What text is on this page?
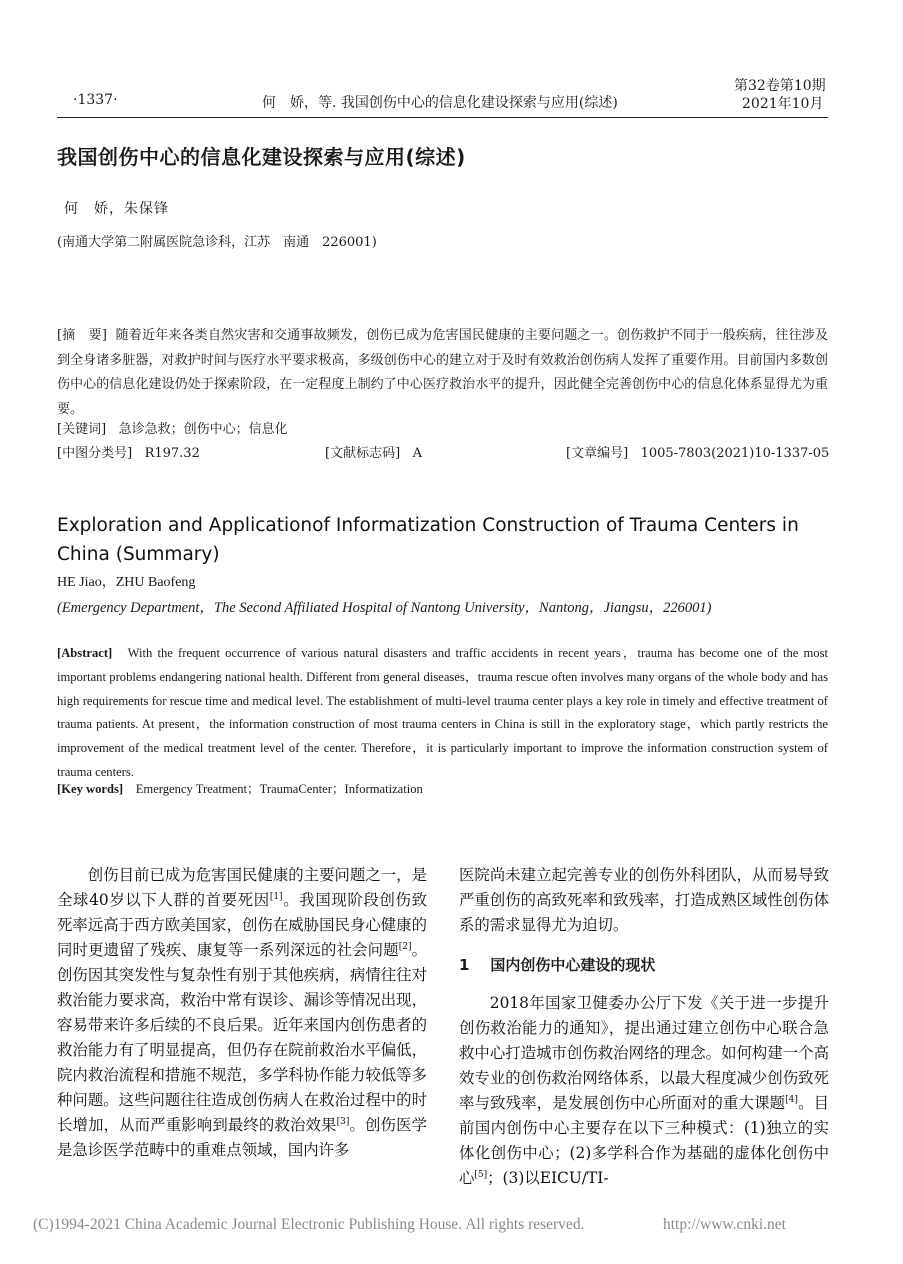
·1337·	何　娇，等. 我国创伤中心的信息化建设探索与应用(综述)
第32卷第10期
2021年10月
我国创伤中心的信息化建设探索与应用(综述)
何　娇，朱保锋
(南通大学第二附属医院急诊科，江苏　南通　226001)
[摘　要] 随着近年来各类自然灾害和交通事故频发，创伤已成为危害国民健康的主要问题之一。创伤救护不同于一般疾病，往往涉及到全身诸多脏器，对救护时间与医疗水平要求极高，多级创伤中心的建立对于及时有效救治创伤病人发挥了重要作用。目前国内多数创伤中心的信息化建设仍处于探索阶段，在一定程度上制约了中心医疗救治水平的提升，因此健全完善创伤中心的信息化体系显得尤为重要。
[关键词] 急诊急救；创伤中心；信息化
[中图分类号] R197.32	[文献标志码] A	[文章编号] 1005-7803(2021)10-1337-05
Exploration and Applicationof Informatization Construction of Trauma Centers in China (Summary)
HE Jiao，ZHU Baofeng
(Emergency Department，The Second Affiliated Hospital of Nantong University，Nantong，Jiangsu，226001)
[Abstract] With the frequent occurrence of various natural disasters and traffic accidents in recent years，trauma has become one of the most important problems endangering national health. Different from general diseases，trauma rescue often involves many organs of the whole body and has high requirements for rescue time and medical level. The establishment of multi-level trauma center plays a key role in timely and effective treatment of trauma patients. At present，the information construction of most trauma centers in China is still in the exploratory stage，which partly restricts the improvement of the medical treatment level of the center. Therefore，it is particularly important to improve the information construction system of trauma centers.
[Key words] Emergency Treatment；TraumaCenter；Informatization

创伤目前已成为危害国民健康的主要问题之一，是全球40岁以下人群的首要死因[1]。我国现阶段创伤致死率远高于西方欧美国家，创伤在威胁国民身心健康的同时更遗留了残疾、康复等一系列深远的社会问题[2]。创伤因其突发性与复杂性有别于其他疾病，病情往往对救治能力要求高，救治中常有误诊、漏诊等情况出现，容易带来许多后续的不良后果。近年来国内创伤患者的救治能力有了明显提高，但仍存在院前救治水平偏低，院内救治流程和措施不规范，多学科协作能力较低等多种问题。这些问题往往造成创伤病人在救治过程中的时长增加，从而严重影响到最终的救治效果[3]。创伤医学是急诊医学范畴中的重难点领域，国内许多

医院尚未建立起完善专业的创伤外科团队，从而易导致严重创伤的高致死率和致残率，打造成熟区域性创伤体系的需求显得尤为迫切。

1 国内创伤中心建设的现状

2018年国家卫健委办公厅下发《关于进一步提升创伤救治能力的通知》，提出通过建立创伤中心联合急救中心打造城市创伤救治网络的理念。如何构建一个高效专业的创伤救治网络体系，以最大程度减少创伤致死率与致残率，是发展创伤中心所面对的重大课题[4]。目前国内创伤中心主要存在以下三种模式：(1)独立的实体化创伤中心；(2)多学科合作为基础的虚体化创伤中心[5]；(3)以EICU/TI-

(C)1994-2021 China Academic Journal Electronic Publishing House. All rights reserved.	http://www.cnki.net
